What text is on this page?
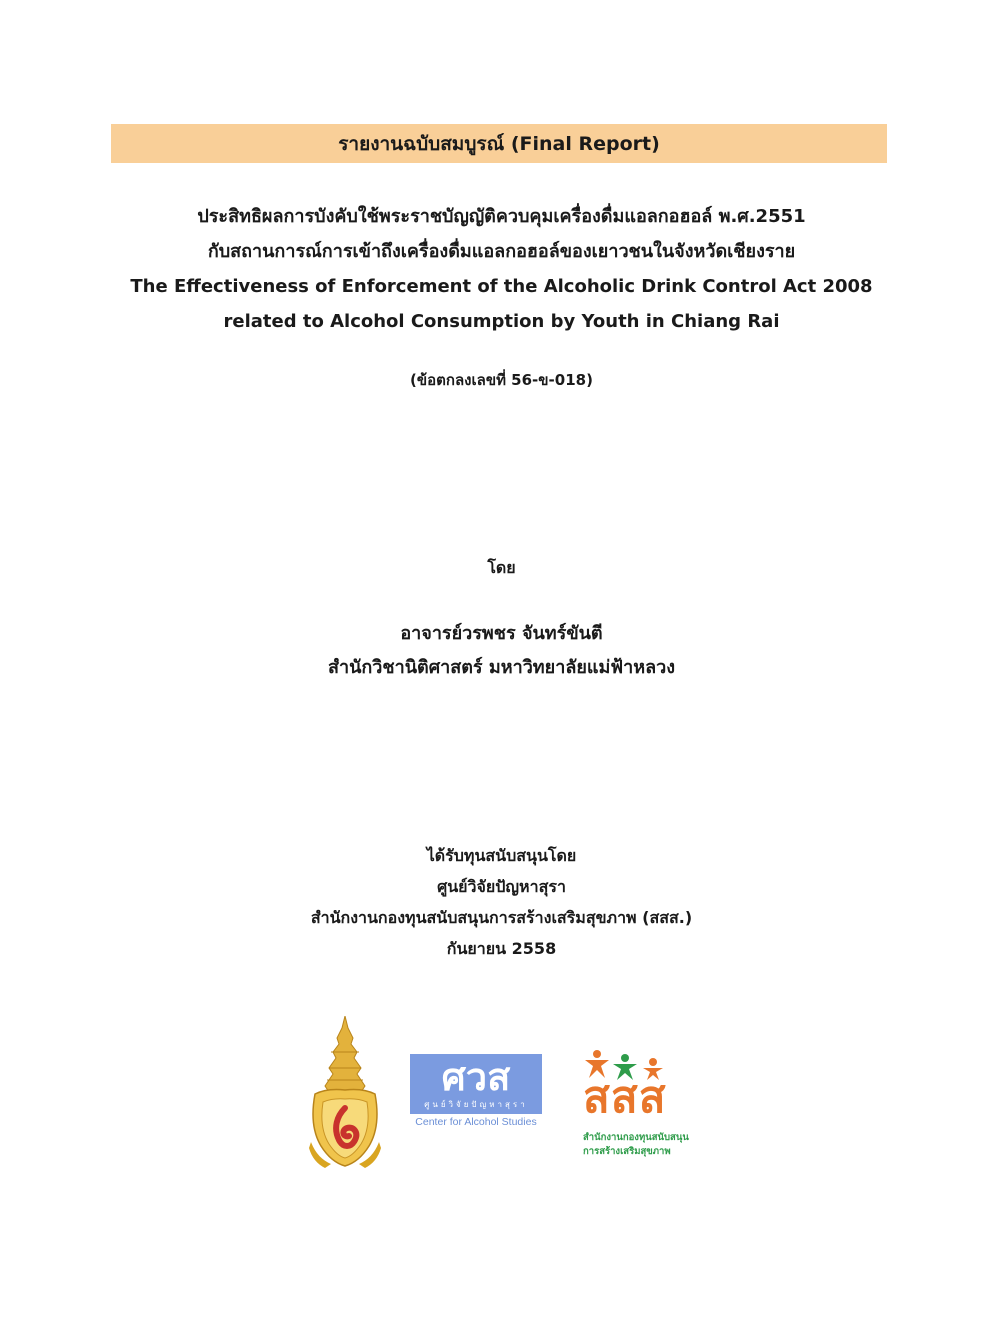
รายงานฉบับสมบูรณ์ (Final Report)
ประสิทธิผลการบังคับใช้พระราชบัญญัติควบคุมเครื่องดื่มแอลกอฮอล์ พ.ศ.2551
กับสถานการณ์การเข้าถึงเครื่องดื่มแอลกอฮอล์ของเยาวชนในจังหวัดเชียงราย
The Effectiveness of Enforcement of the Alcoholic Drink Control Act 2008
related to Alcohol Consumption by Youth in Chiang Rai
(ข้อตกลงเลขที่ 56-ข-018)
โดย
อาจารย์วรพชร จันทร์ขันตี
สำนักวิชานิติศาสตร์ มหาวิทยาลัยแม่ฟ้าหลวง
ได้รับทุนสนับสนุนโดย
ศูนย์วิจัยปัญหาสุรา
สำนักงานกองทุนสนับสนุนการสร้างเสริมสุขภาพ (สสส.)
กันยายน 2558
ศวส
ศูนย์วิจัยปัญหาสุรา
Center for Alcohol Studies สสส
สำนักงานกองทุนสนับสนุน
การสร้างเสริมสุขภาพ
